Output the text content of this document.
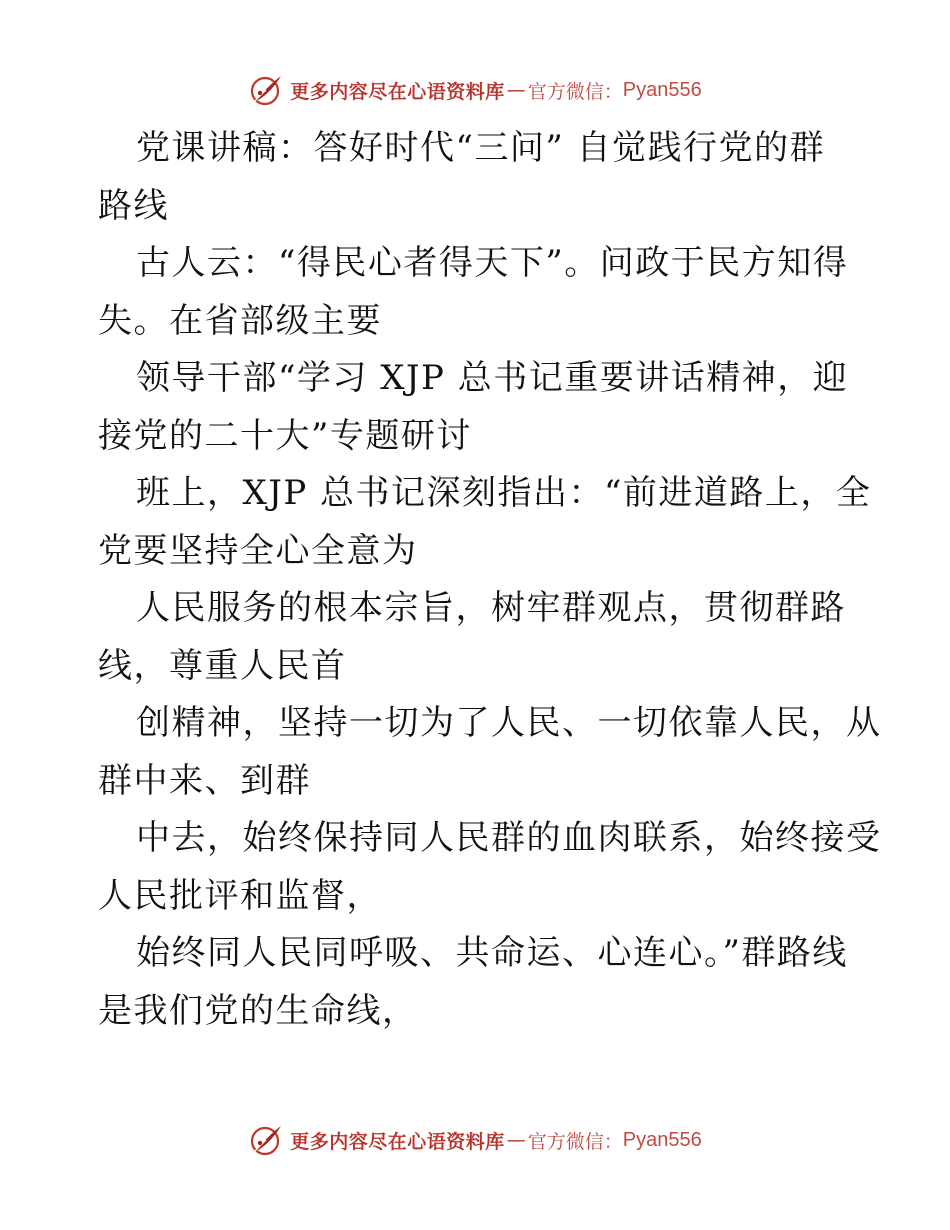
更多内容尽在心语资料库 — 官方微信： Pyan556
党课讲稿：答好时代“三问” 自觉践行党的群
路线
古人云：“得民心者得天下”。问政于民方知得
失。在省部级主要
领导干部“学习 XJP 总书记重要讲话精神，迎
接党的二十大”专题研讨
班上，XJP 总书记深刻指出：“前进道路上，全
党要坚持全心全意为
人民服务的根本宗旨，树牢群观点，贯彻群路
线，尊重人民首
创精神，坚持一切为了人民、一切依靠人民，从
群中来、到群
中去，始终保持同人民群的血肉联系，始终接受
人民批评和监督，
始终同人民同呼吸、共命运、心连心。”群路线
是我们党的生命线，
更多内容尽在心语资料库 — 官方微信： Pyan556
